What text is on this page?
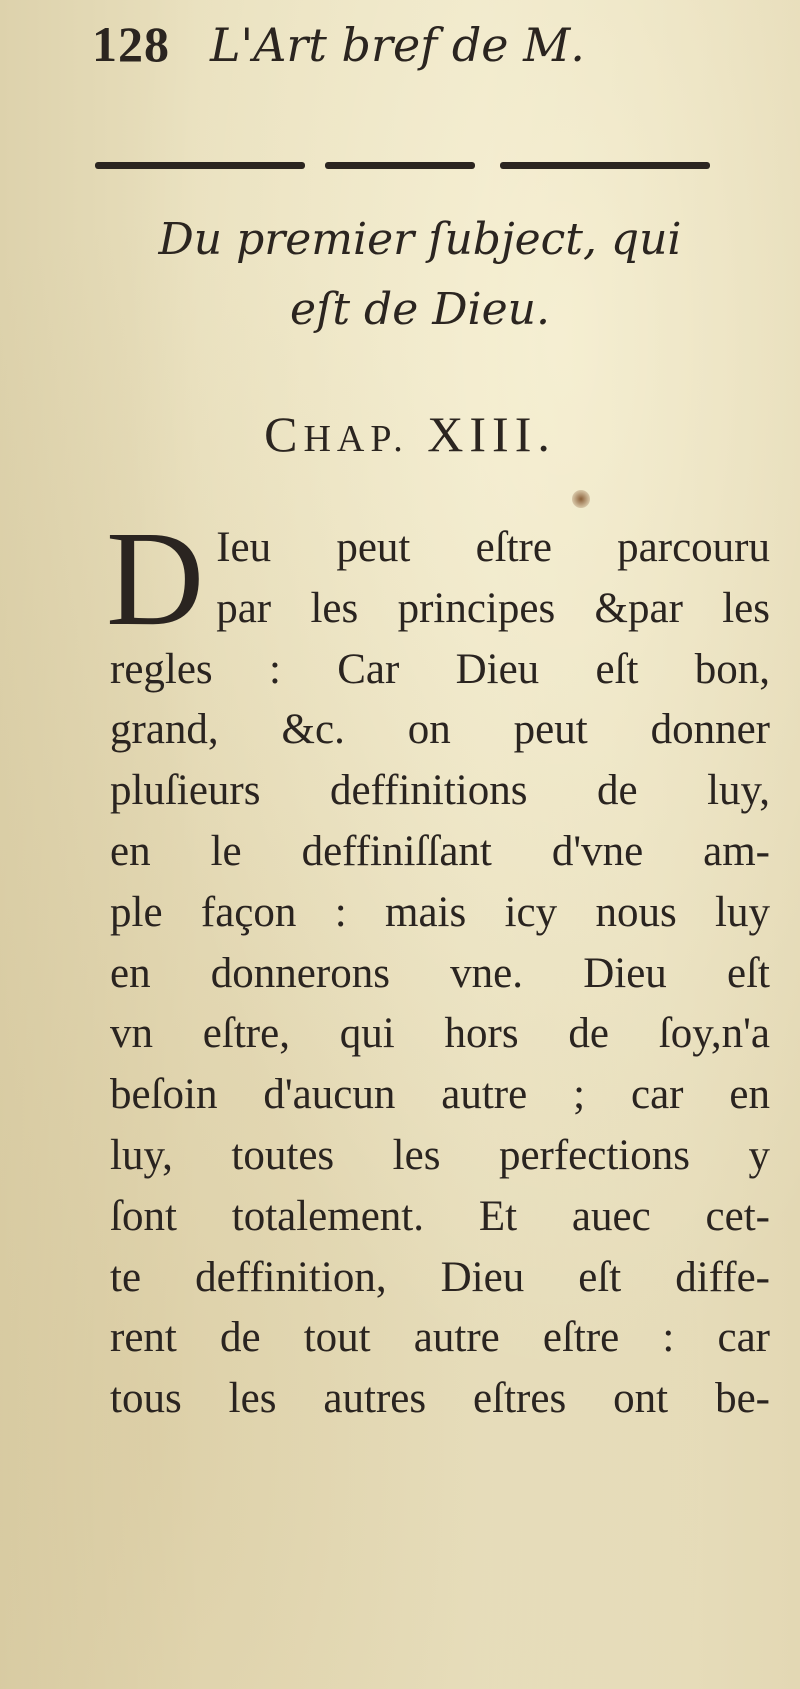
128 L'Art bref de M.
Du premier ſubject, qui
eſt de Dieu.
CHAP. XIII.
D Ieu peut eſtre parcouru
par les principes &par les
regles : Car Dieu eſt bon,
grand, &c. on peut donner
pluſieurs deffinitions de luy,
en le deffiniſſant d'vne am-
ple façon : mais icy nous luy
en donnerons vne. Dieu eſt
vn eſtre, qui hors de ſoy,n'a
beſoin d'aucun autre ; car en
luy, toutes les perfections y
ſont totalement. Et auec cet-
te deffinition, Dieu eſt diffe-
rent de tout autre eſtre : car
tous les autres eſtres ont be-
